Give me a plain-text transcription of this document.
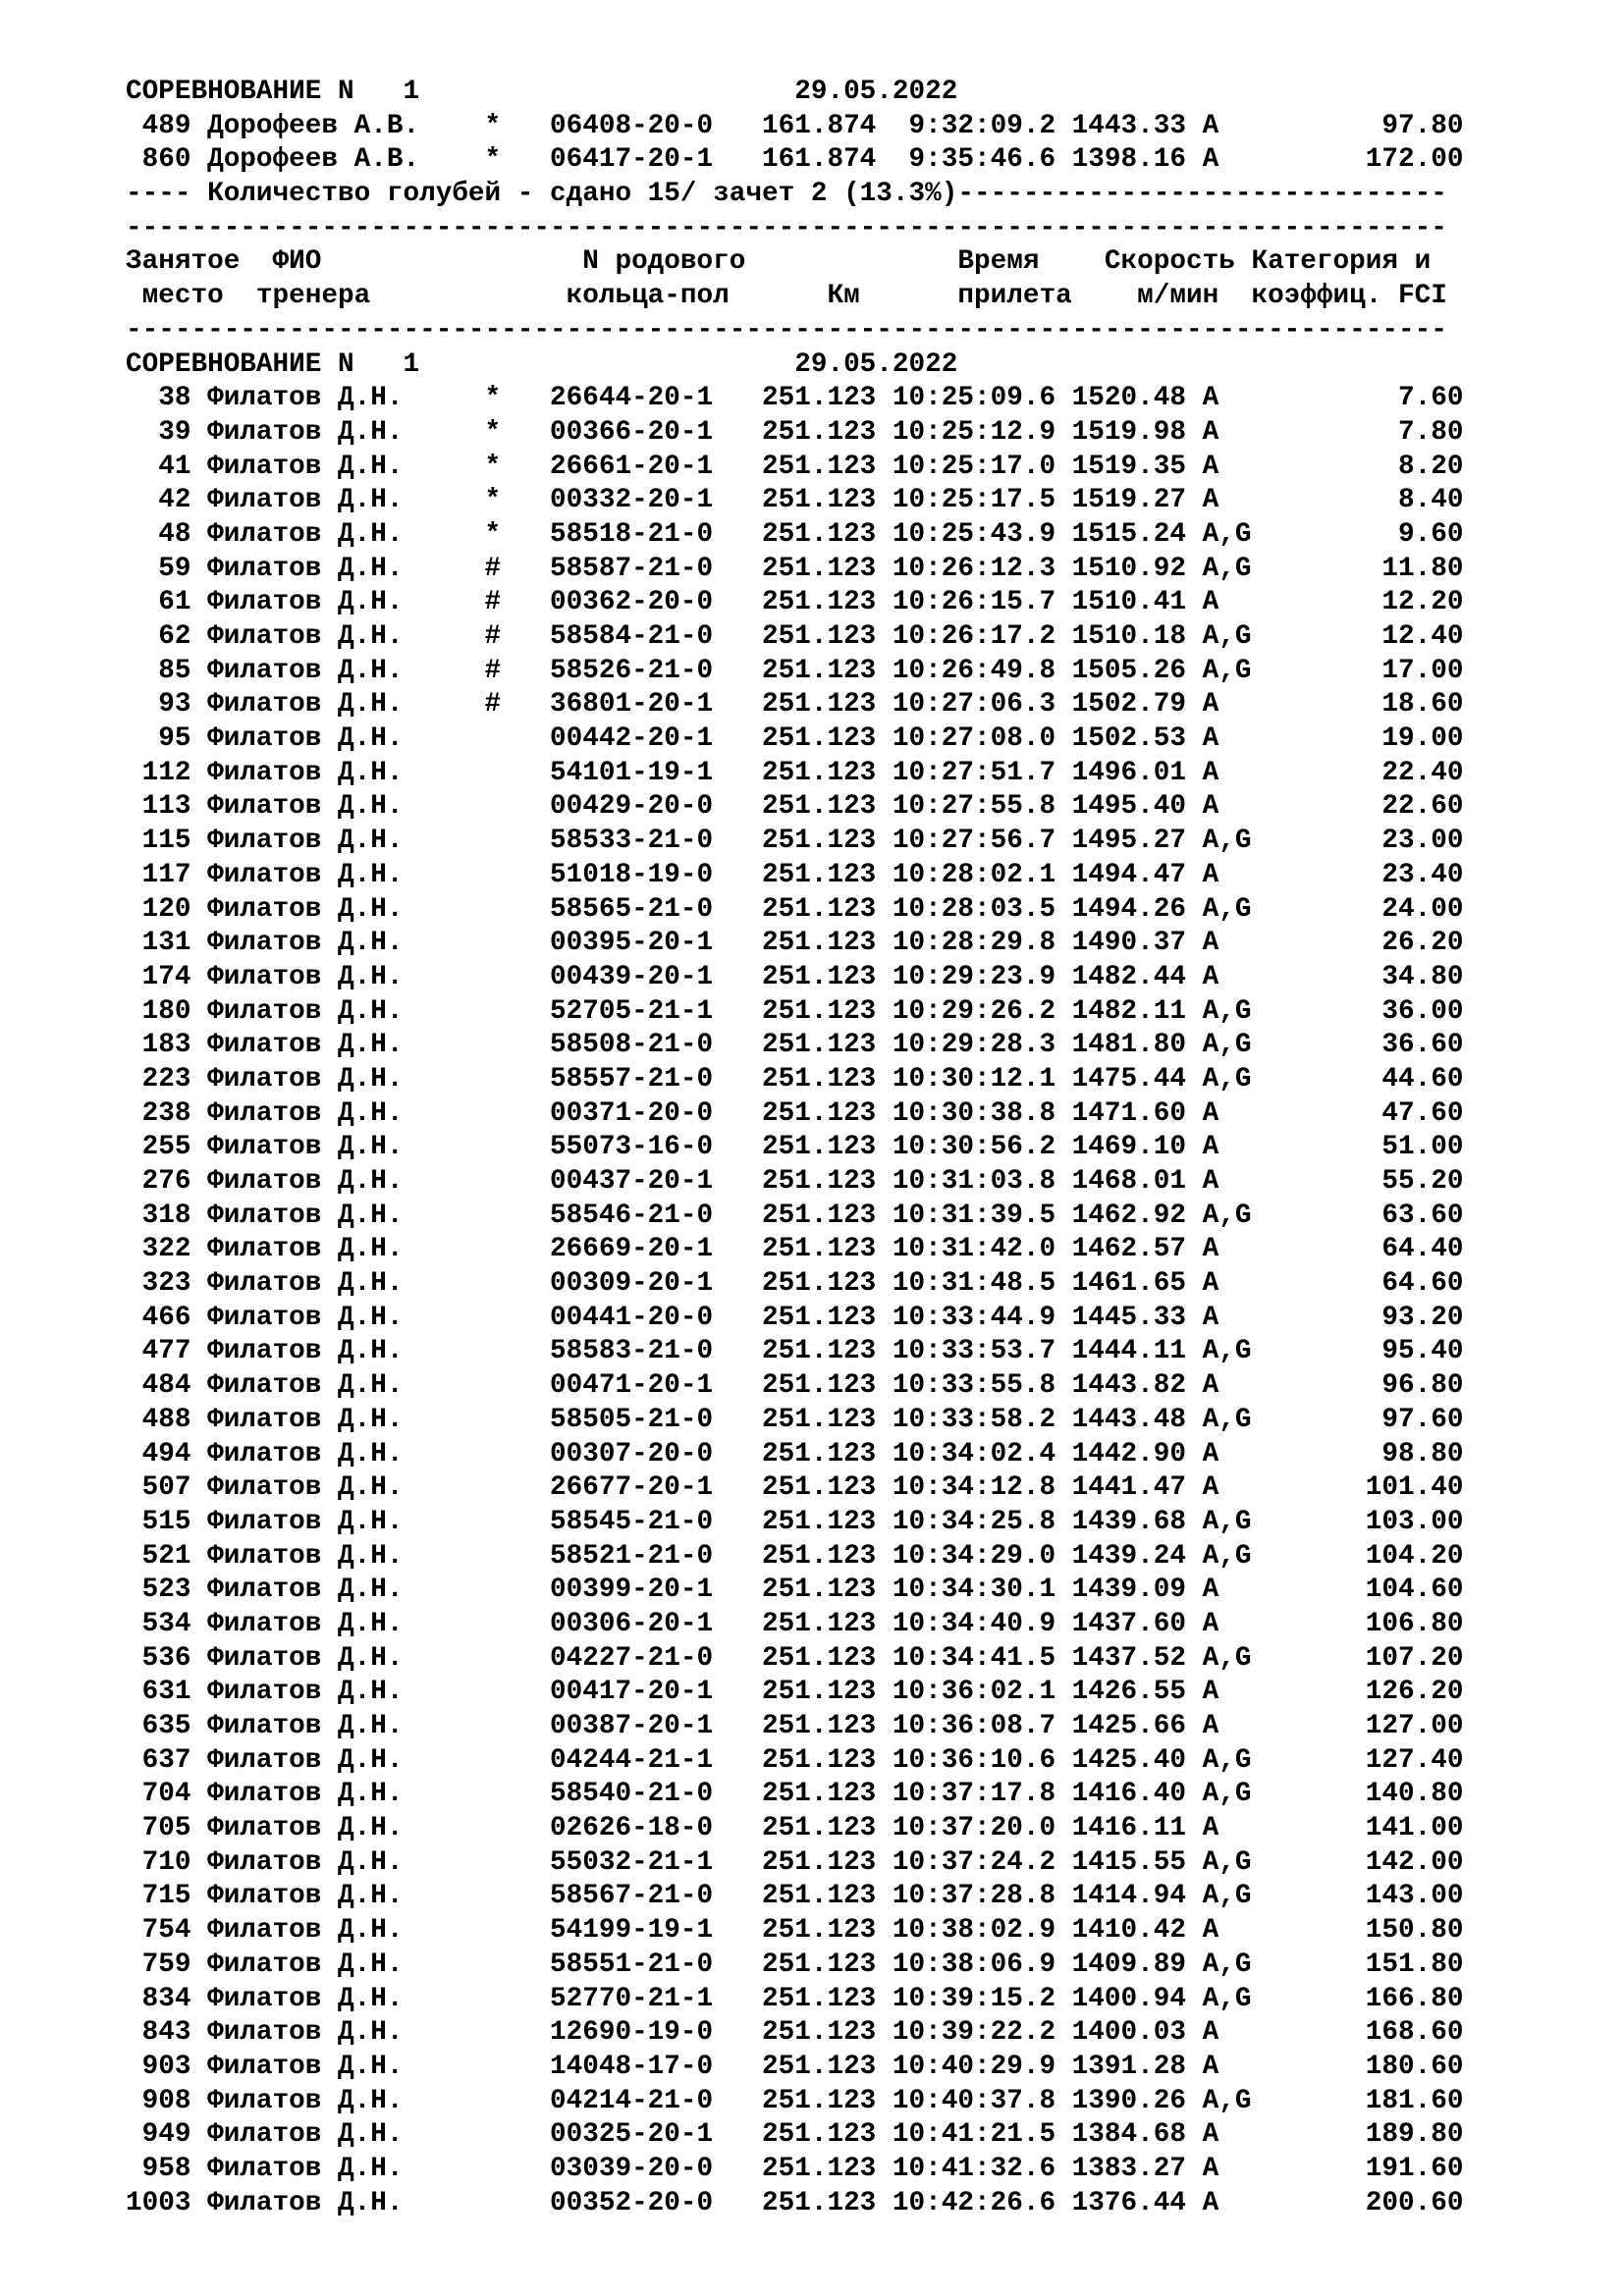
СОРЕВНОВАНИЕ N   1                       29.05.2022
489 Дорофеев А.В.    *   06408-20-0   161.874  9:32:09.2 1443.33 A          97.80
860 Дорофеев А.В.    *   06417-20-1   161.874  9:35:46.6 1398.16 A         172.00
---- Количество голубей - сдано 15/ зачет 2 (13.3%)------------------------------
---------------------------------------------------------------------------------
Занятое  ФИО                N родового             Время    Скорость Категория и
место  тренера            кольца-пол      Км      прилета    м/мин  коэффиц. FCI
---------------------------------------------------------------------------------
СОРЕВНОВАНИЕ N   1                       29.05.2022
38 Филатов Д.Н.     *   26644-20-1   251.123 10:25:09.6 1520.48 A           7.60
39 Филатов Д.Н.     *   00366-20-1   251.123 10:25:12.9 1519.98 A           7.80
41 Филатов Д.Н.     *   26661-20-1   251.123 10:25:17.0 1519.35 A           8.20
42 Филатов Д.Н.     *   00332-20-1   251.123 10:25:17.5 1519.27 A           8.40
48 Филатов Д.Н.     *   58518-21-0   251.123 10:25:43.9 1515.24 A,G         9.60
59 Филатов Д.Н.     #   58587-21-0   251.123 10:26:12.3 1510.92 A,G        11.80
61 Филатов Д.Н.     #   00362-20-0   251.123 10:26:15.7 1510.41 A          12.20
62 Филатов Д.Н.     #   58584-21-0   251.123 10:26:17.2 1510.18 A,G        12.40
85 Филатов Д.Н.     #   58526-21-0   251.123 10:26:49.8 1505.26 A,G        17.00
93 Филатов Д.Н.     #   36801-20-1   251.123 10:27:06.3 1502.79 A          18.60
95 Филатов Д.Н.         00442-20-1   251.123 10:27:08.0 1502.53 A          19.00
112 Филатов Д.Н.         54101-19-1   251.123 10:27:51.7 1496.01 A          22.40
113 Филатов Д.Н.         00429-20-0   251.123 10:27:55.8 1495.40 A          22.60
115 Филатов Д.Н.         58533-21-0   251.123 10:27:56.7 1495.27 A,G        23.00
117 Филатов Д.Н.         51018-19-0   251.123 10:28:02.1 1494.47 A          23.40
120 Филатов Д.Н.         58565-21-0   251.123 10:28:03.5 1494.26 A,G        24.00
131 Филатов Д.Н.         00395-20-1   251.123 10:28:29.8 1490.37 A          26.20
174 Филатов Д.Н.         00439-20-1   251.123 10:29:23.9 1482.44 A          34.80
180 Филатов Д.Н.         52705-21-1   251.123 10:29:26.2 1482.11 A,G        36.00
183 Филатов Д.Н.         58508-21-0   251.123 10:29:28.3 1481.80 A,G        36.60
223 Филатов Д.Н.         58557-21-0   251.123 10:30:12.1 1475.44 A,G        44.60
238 Филатов Д.Н.         00371-20-0   251.123 10:30:38.8 1471.60 A          47.60
255 Филатов Д.Н.         55073-16-0   251.123 10:30:56.2 1469.10 A          51.00
276 Филатов Д.Н.         00437-20-1   251.123 10:31:03.8 1468.01 A          55.20
318 Филатов Д.Н.         58546-21-0   251.123 10:31:39.5 1462.92 A,G        63.60
322 Филатов Д.Н.         26669-20-1   251.123 10:31:42.0 1462.57 A          64.40
323 Филатов Д.Н.         00309-20-1   251.123 10:31:48.5 1461.65 A          64.60
466 Филатов Д.Н.         00441-20-0   251.123 10:33:44.9 1445.33 A          93.20
477 Филатов Д.Н.         58583-21-0   251.123 10:33:53.7 1444.11 A,G        95.40
484 Филатов Д.Н.         00471-20-1   251.123 10:33:55.8 1443.82 A          96.80
488 Филатов Д.Н.         58505-21-0   251.123 10:33:58.2 1443.48 A,G        97.60
494 Филатов Д.Н.         00307-20-0   251.123 10:34:02.4 1442.90 A          98.80
507 Филатов Д.Н.         26677-20-1   251.123 10:34:12.8 1441.47 A         101.40
515 Филатов Д.Н.         58545-21-0   251.123 10:34:25.8 1439.68 A,G       103.00
521 Филатов Д.Н.         58521-21-0   251.123 10:34:29.0 1439.24 A,G       104.20
523 Филатов Д.Н.         00399-20-1   251.123 10:34:30.1 1439.09 A         104.60
534 Филатов Д.Н.         00306-20-1   251.123 10:34:40.9 1437.60 A         106.80
536 Филатов Д.Н.         04227-21-0   251.123 10:34:41.5 1437.52 A,G       107.20
631 Филатов Д.Н.         00417-20-1   251.123 10:36:02.1 1426.55 A         126.20
635 Филатов Д.Н.         00387-20-1   251.123 10:36:08.7 1425.66 A         127.00
637 Филатов Д.Н.         04244-21-1   251.123 10:36:10.6 1425.40 A,G       127.40
704 Филатов Д.Н.         58540-21-0   251.123 10:37:17.8 1416.40 A,G       140.80
705 Филатов Д.Н.         02626-18-0   251.123 10:37:20.0 1416.11 A         141.00
710 Филатов Д.Н.         55032-21-1   251.123 10:37:24.2 1415.55 A,G       142.00
715 Филатов Д.Н.         58567-21-0   251.123 10:37:28.8 1414.94 A,G       143.00
754 Филатов Д.Н.         54199-19-1   251.123 10:38:02.9 1410.42 A         150.80
759 Филатов Д.Н.         58551-21-0   251.123 10:38:06.9 1409.89 A,G       151.80
834 Филатов Д.Н.         52770-21-1   251.123 10:39:15.2 1400.94 A,G       166.80
843 Филатов Д.Н.         12690-19-0   251.123 10:39:22.2 1400.03 A         168.60
903 Филатов Д.Н.         14048-17-0   251.123 10:40:29.9 1391.28 A         180.60
908 Филатов Д.Н.         04214-21-0   251.123 10:40:37.8 1390.26 A,G       181.60
949 Филатов Д.Н.         00325-20-1   251.123 10:41:21.5 1384.68 A         189.80
958 Филатов Д.Н.         03039-20-0   251.123 10:41:32.6 1383.27 A         191.60
1003 Филатов Д.Н.         00352-20-0   251.123 10:42:26.6 1376.44 A         200.60
